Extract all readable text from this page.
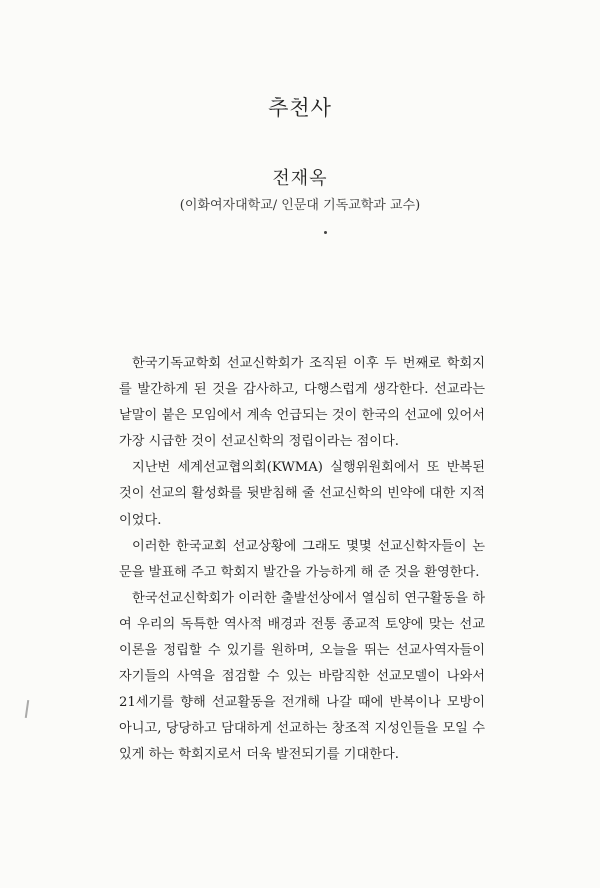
추천사
전재옥
(이화여자대학교/ 인문대 기독교학과 교수)

한국기독교학회 선교신학회가 조직된 이후 두 번째로 학회지를 발간하게 된 것을 감사하고, 다행스럽게 생각한다. 선교라는 낱말이 붙은 모임에서 계속 언급되는 것이 한국의 선교에 있어서 가장 시급한 것이 선교신학의 정립이라는 점이다.

지난번 세계선교협의회(KWMA) 실행위원회에서 또 반복된 것이 선교의 활성화를 뒷받침해 줄 선교신학의 빈약에 대한 지적이었다.

이러한 한국교회 선교상황에 그래도 몇몇 선교신학자들이 논문을 발표해 주고 학회지 발간을 가능하게 해 준 것을 환영한다.

한국선교신학회가 이러한 출발선상에서 열심히 연구활동을 하여 우리의 독특한 역사적 배경과 전통 종교적 토양에 맞는 선교이론을 정립할 수 있기를 원하며, 오늘을 뛰는 선교사역자들이 자기들의 사역을 점검할 수 있는 바람직한 선교모델이 나와서 21세기를 향해 선교활동을 전개해 나갈 때에 반복이나 모방이 아니고, 당당하고 담대하게 선교하는 창조적 지성인들을 모일 수 있게 하는 학회지로서 더욱 발전되기를 기대한다.
